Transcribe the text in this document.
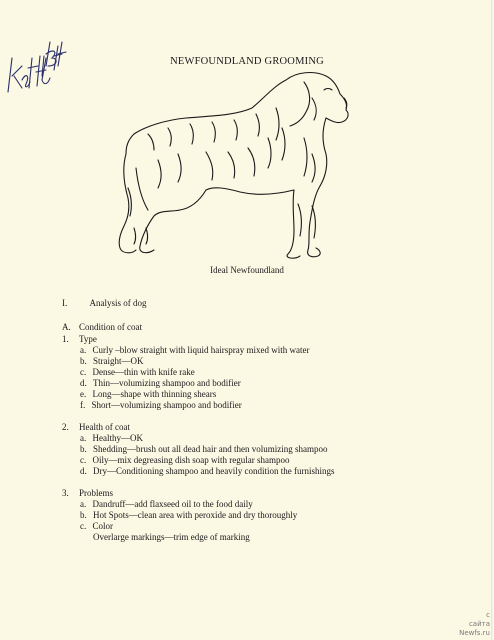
NEWFOUNDLAND GROOMING
Ideal Newfoundland
I. Analysis of dog
A. Condition of coat
1. Type
a. Curly –blow straight with liquid hairspray mixed with water
b. Straight—OK
c. Dense—thin with knife rake
d. Thin—volumizing shampoo and bodifier
e. Long—shape with thinning shears
f. Short—volumizing shampoo and bodifier
2. Health of coat
a. Healthy—OK
b. Shedding—brush out all dead hair and then volumizing shampoo
c. Oily—mix degreasing dish soap with regular shampoo
d. Dry—Conditioning shampoo and heavily condition the furnishings
3. Problems
a. Dandruff—add flaxseed oil to the food daily
b. Hot Spots—clean area with peroxide and dry thoroughly
c. Color
Overlarge markings—trim edge of marking
с
сайта
Newfs.ru
